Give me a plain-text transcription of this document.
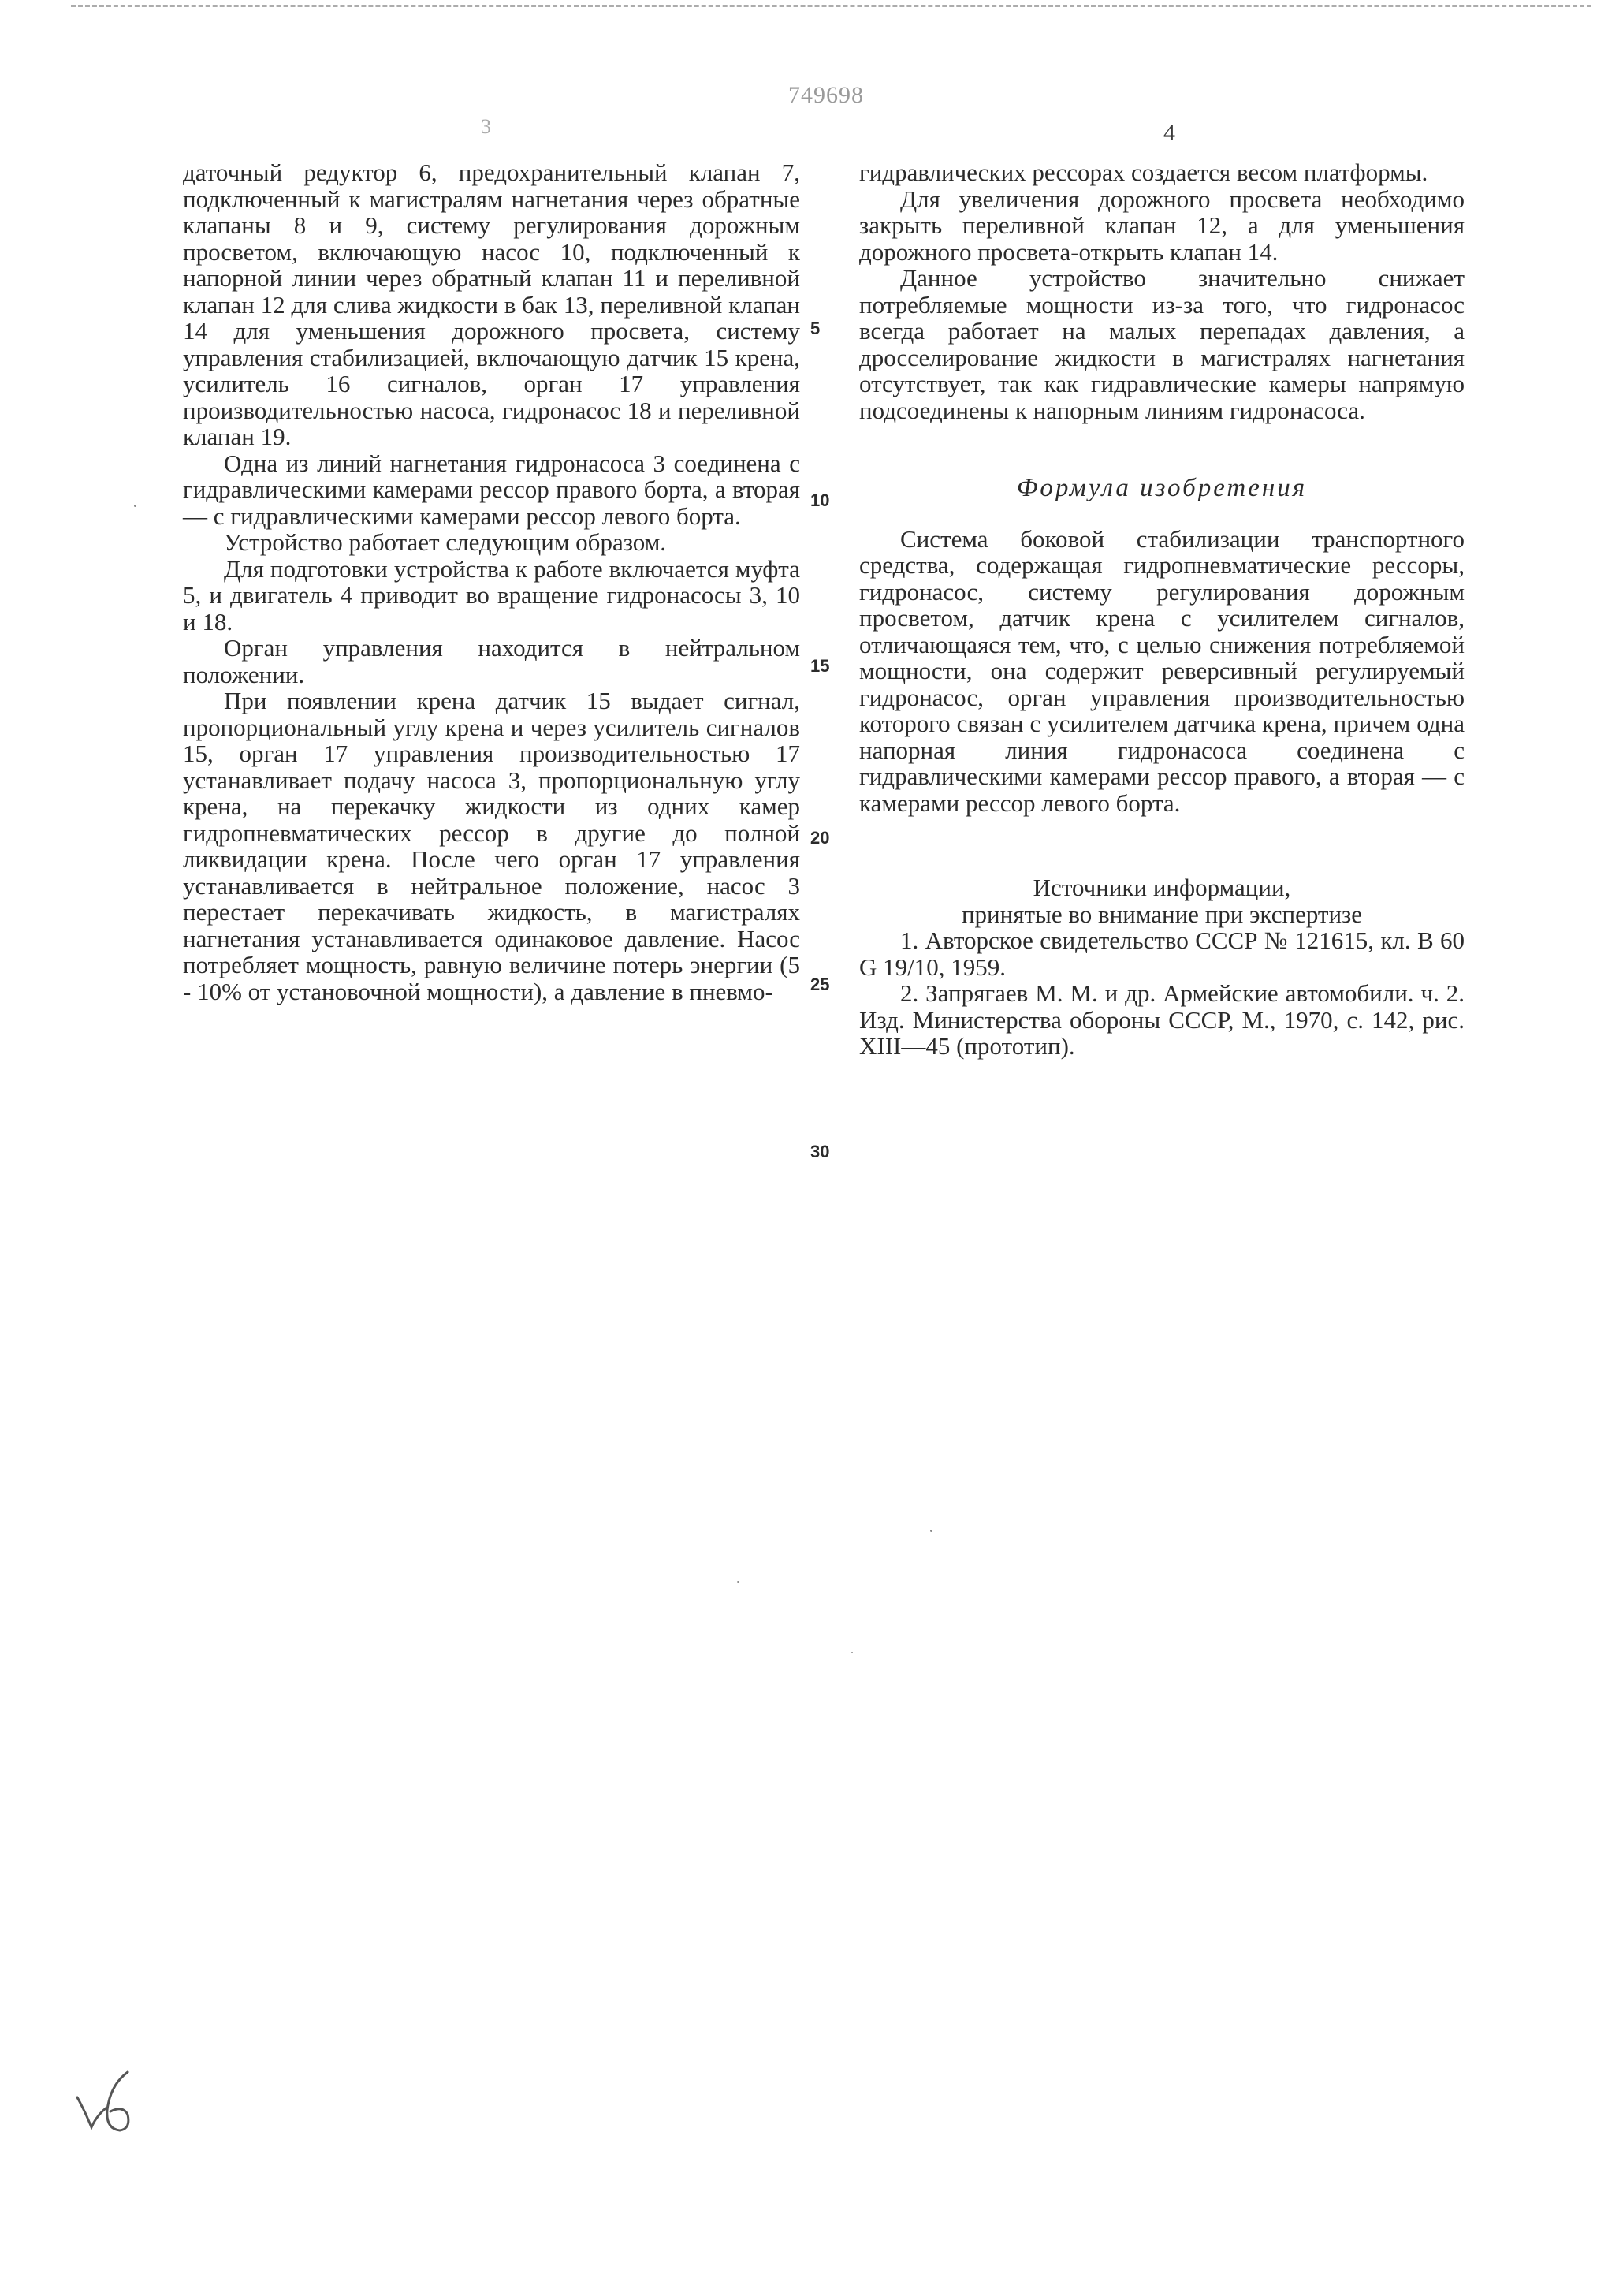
749698
3	4

даточный редуктор 6, предохранительный клапан 7, подключенный к магистралям нагнетания через обратные клапаны 8 и 9, систему регулирования дорожным просветом, включающую насос 10, подключенный к напорной линии через обратный клапан 11 и переливной клапан 12 для слива жидкости в бак 13, переливной клапан 14 для уменьшения дорожного просвета, систему управления стабилизацией, включающую датчик 15 крена, усилитель 16 сигналов, орган 17 управления производительностью насоса, гидронасос 18 и переливной клапан 19.

Одна из линий нагнетания гидронасоса 3 соединена с гидравлическими камерами рессор правого борта, а вторая — с гидравлическими камерами рессор левого борта.

Устройство работает следующим образом.

Для подготовки устройства к работе включается муфта 5, и двигатель 4 приводит во вращение гидронасосы 3, 10 и 18.

Орган управления находится в нейтральном положении.

При появлении крена датчик 15 выдает сигнал, пропорциональный углу крена и через усилитель сигналов 15, орган 17 управления производительностью 17 устанавливает подачу насоса 3, пропорциональную углу крена, на перекачку жидкости из одних камер гидропневматических рессор в другие до полной ликвидации крена. После чего орган 17 управления устанавливается в нейтральное положение, насос 3 перестает перекачивать жидкость, в магистралях нагнетания устанавливается одинаковое давление. Насос потребляет мощность, равную величине потерь энергии (5 - 10% от установочной мощности), а давление в пневмо-

5
10
15
20
25
30

гидравлических рессорах создается весом платформы.

Для увеличения дорожного просвета необходимо закрыть переливной клапан 12, а для уменьшения дорожного просвета-открыть клапан 14.

Данное устройство значительно снижает потребляемые мощности из-за того, что гидронасос всегда работает на малых перепадах давления, а дросселирование жидкости в магистралях нагнетания отсутствует, так как гидравлические камеры напрямую подсоединены к напорным линиям гидронасоса.

Формула изобретения

Система боковой стабилизации транспортного средства, содержащая гидропневматические рессоры, гидронасос, систему регулирования дорожным просветом, датчик крена с усилителем сигналов, отличающаяся тем, что, с целью снижения потребляемой мощности, она содержит реверсивный регулируемый гидронасос, орган управления производительностью которого связан с усилителем датчика крена, причем одна напорная линия гидронасоса соединена с гидравлическими камерами рессор правого, а вторая — с камерами рессор левого борта.

Источники информации,

принятые во внимание при экспертизе

1. Авторское свидетельство СССР № 121615, кл. В 60 G 19/10, 1959.

2. Запрягаев М. М. и др. Армейские автомобили. ч. 2. Изд. Министерства обороны СССР, М., 1970, с. 142, рис. XIII—45 (прототип).
